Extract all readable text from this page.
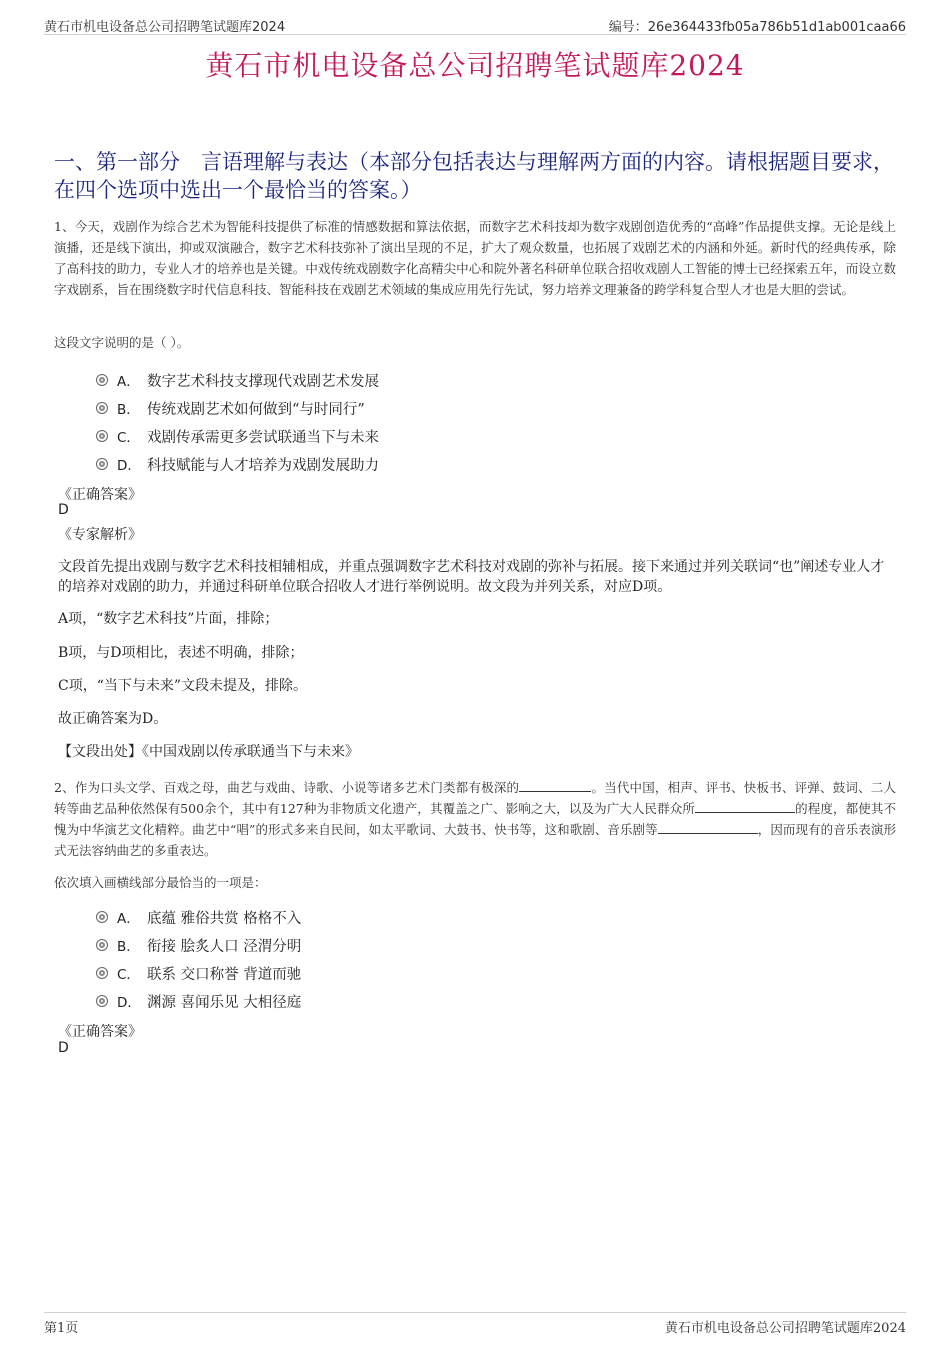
黄石市机电设备总公司招聘笔试题库2024	编号：26e364433fb05a786b51d1ab001caa66
黄石市机电设备总公司招聘笔试题库2024
一、第一部分　言语理解与表达（本部分包括表达与理解两方面的内容。请根据题目要求，在四个选项中选出一个最恰当的答案。）
1、今天，戏剧作为综合艺术为智能科技提供了标准的情感数据和算法依据，而数字艺术科技却为数字戏剧创造优秀的“高峰”作品提供支撑。无论是线上演播，还是线下演出，抑或双演融合，数字艺术科技弥补了演出呈现的不足，扩大了观众数量，也拓展了戏剧艺术的内涵和外延。新时代的经典传承，除了高科技的助力，专业人才的培养也是关键。中戏传统戏剧数字化高精尖中心和院外著名科研单位联合招收戏剧人工智能的博士已经探索五年，而设立数字戏剧系，旨在围绕数字时代信息科技、智能科技在戏剧艺术领域的集成应用先行先试，努力培养文理兼备的跨学科复合型人才也是大胆的尝试。
这段文字说明的是（ ）。
A． 数字艺术科技支撑现代戏剧艺术发展
B． 传统戏剧艺术如何做到“与时同行”
C． 戏剧传承需更多尝试联通当下与未来
D． 科技赋能与人才培养为戏剧发展助力
《正确答案》
D
《专家解析》
文段首先提出戏剧与数字艺术科技相辅相成，并重点强调数字艺术科技对戏剧的弥补与拓展。接下来通过并列关联词“也”阐述专业人才的培养对戏剧的助力，并通过科研单位联合招收人才进行举例说明。故文段为并列关系，对应D项。
A项，“数字艺术科技”片面，排除；
B项，与D项相比，表述不明确，排除；
C项，“当下与未来”文段未提及，排除。
故正确答案为D。
【文段出处】《中国戏剧以传承联通当下与未来》
2、作为口头文学、百戏之母，曲艺与戏曲、诗歌、小说等诸多艺术门类都有极深的	。当代中国，相声、评书、快板书、评弹、鼓词、二人转等曲艺品种依然保有500余个，其中有127种为非物质文化遗产，其覆盖之广、影响之大，以及为广大人民群众所	的程度，都使其不愧为中华演艺文化精粹。曲艺中“唱”的形式多来自民间，如太平歌词、大鼓书、快书等，这和歌剧、音乐剧等	，因而现有的音乐表演形式无法容纳曲艺的多重表达。
依次填入画横线部分最恰当的一项是：
A． 底蕴 雅俗共赏 格格不入
B． 衔接 脍炙人口 泾渭分明
C． 联系 交口称誉 背道而驰
D． 渊源 喜闻乐见 大相径庭
《正确答案》
D
第1页	黄石市机电设备总公司招聘笔试题库2024
